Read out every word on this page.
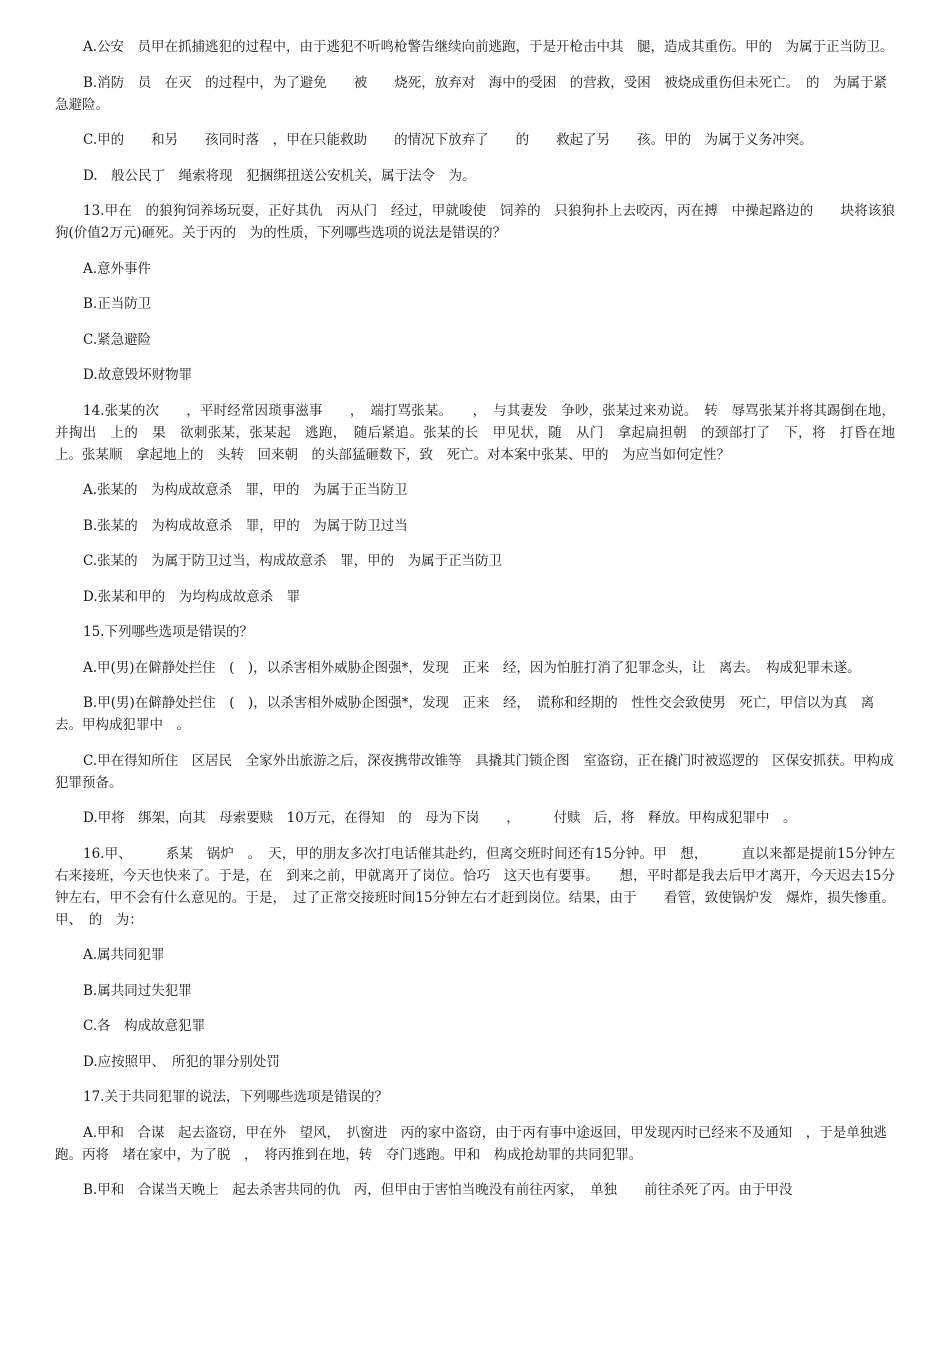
A.公安　员甲在抓捕逃犯的过程中，由于逃犯不听鸣枪警告继续向前逃跑，于是开枪击中其　腿，造成其重伤。甲的　为属于正当防卫。

B.消防　员　在灭　的过程中，为了避免　　被　　烧死，放弃对　海中的受困　的营救，受困　被烧成重伤但未死亡。　的　为属于紧急避险。

C.甲的　　和另　　孩同时落　，甲在只能救助　　的情况下放弃了　　的　　救起了另　　孩。甲的　为属于义务冲突。

D.　般公民丁　绳索将现　犯捆绑扭送公安机关，属于法令　为。

13.甲在　的狼狗饲养场玩耍，正好其仇　丙从门　经过，甲就唆使　饲养的　只狼狗扑上去咬丙，丙在搏　中操起路边的　　块将该狼狗(价值2万元)砸死。关于丙的　为的性质，下列哪些选项的说法是错误的？

A.意外事件

B.正当防卫

C.紧急避险

D.故意毁坏财物罪

14.张某的次　　，平时经常因琐事滋事　　，　端打骂张某。　　，　与其妻发　争吵，张某过来劝说。　转　辱骂张某并将其踢倒在地，并掏出　上的　果　欲刺张某，张某起　逃跑，　随后紧追。张某的长　甲见状，随　从门　拿起扁担朝　的颈部打了　下，将　打昏在地上。张某顺　拿起地上的　头转　回来朝　的头部猛砸数下，致　死亡。对本案中张某、甲的　为应当如何定性？

A.张某的　为构成故意杀　罪，甲的　为属于正当防卫

B.张某的　为构成故意杀　罪，甲的　为属于防卫过当

C.张某的　为属于防卫过当，构成故意杀　罪，甲的　为属于正当防卫

D.张某和甲的　为均构成故意杀　罪

15.下列哪些选项是错误的？

A.甲(男)在僻静处拦住　(　)，以杀害相外威胁企图强*，发现　正来　经，因为怕脏打消了犯罪念头，让　离去。　构成犯罪未遂。

B.甲(男)在僻静处拦住　(　)，以杀害相外威胁企图强*，发现　正来　经，　谎称和经期的　性性交会致使男　死亡，甲信以为真　离去。甲构成犯罪中　。

C.甲在得知所住　区居民　全家外出旅游之后，深夜携带改锥等　具撬其门锁企图　室盗窃，正在撬门时被巡逻的　区保安抓获。甲构成犯罪预备。

D.甲将　绑架，向其　母索要赎　10万元，在得知　的　母为下岗　　，　　　付赎　后，将　释放。甲构成犯罪中　。

16.甲、　　　系某　锅炉　。　天，甲的朋友多次打电话催其赴约，但离交班时间还有15分钟。甲　想，　　　直以来都是提前15分钟左右来接班，今天也快来了。于是，在　到来之前，甲就离开了岗位。恰巧　这天也有要事。　　想，平时都是我去后甲才离开，今天迟去15分钟左右，甲不会有什么意见的。于是，　过了正常交接班时间15分钟左右才赶到岗位。结果，由于　　看管，致使锅炉发　爆炸，损失惨重。甲、　的　为：

A.属共同犯罪

B.属共同过失犯罪

C.各　构成故意犯罪

D.应按照甲、　所犯的罪分别处罚

17.关于共同犯罪的说法，下列哪些选项是错误的？

A.甲和　合谋　起去盗窃，甲在外　望风，　扒窗进　丙的家中盗窃，由于丙有事中途返回，甲发现丙时已经来不及通知　，于是单独逃跑。丙将　堵在家中，为了脱　，　将丙推到在地，转　夺门逃跑。甲和　构成抢劫罪的共同犯罪。

B.甲和　合谋当天晚上　起去杀害共同的仇　丙，但甲由于害怕当晚没有前往丙家，　单独　　前往杀死了丙。由于甲没
